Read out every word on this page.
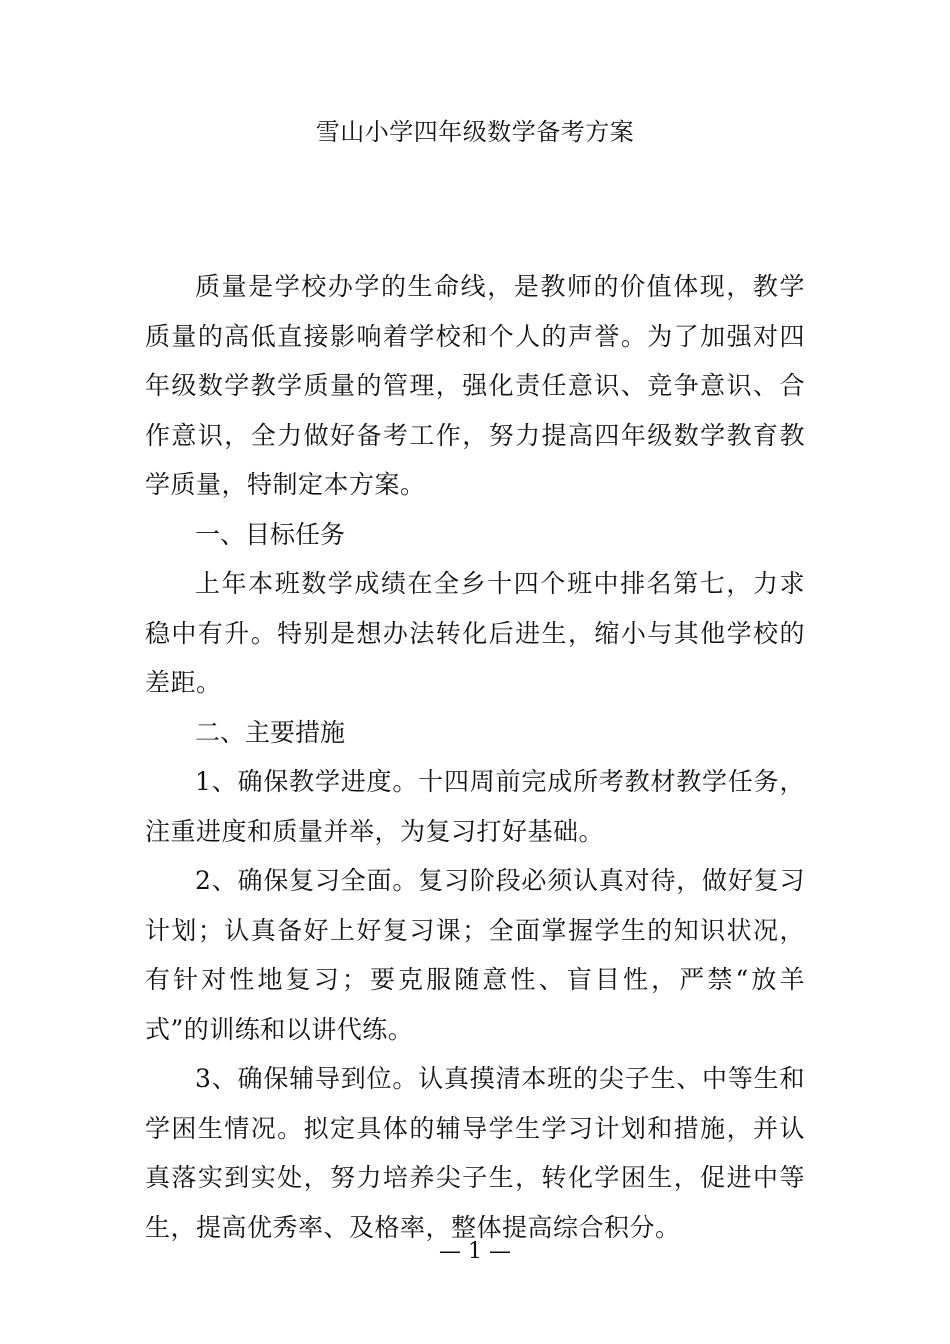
雪山小学四年级数学备考方案

质量是学校办学的生命线，是教师的价值体现，教学质量的高低直接影响着学校和个人的声誉。为了加强对四年级数学教学质量的管理，强化责任意识、竞争意识、合作意识，全力做好备考工作，努力提高四年级数学教育教学质量，特制定本方案。

一、目标任务

上年本班数学成绩在全乡十四个班中排名第七，力求稳中有升。特别是想办法转化后进生，缩小与其他学校的差距。

二、主要措施

1、确保教学进度。十四周前完成所考教材教学任务，注重进度和质量并举，为复习打好基础。

2、确保复习全面。复习阶段必须认真对待，做好复习计划；认真备好上好复习课；全面掌握学生的知识状况，有针对性地复习；要克服随意性、盲目性，严禁“放羊式”的训练和以讲代练。

3、确保辅导到位。认真摸清本班的尖子生、中等生和学困生情况。拟定具体的辅导学生学习计划和措施，并认真落实到实处，努力培养尖子生，转化学困生，促进中等生，提高优秀率、及格率，整体提高综合积分。

— 1 —
